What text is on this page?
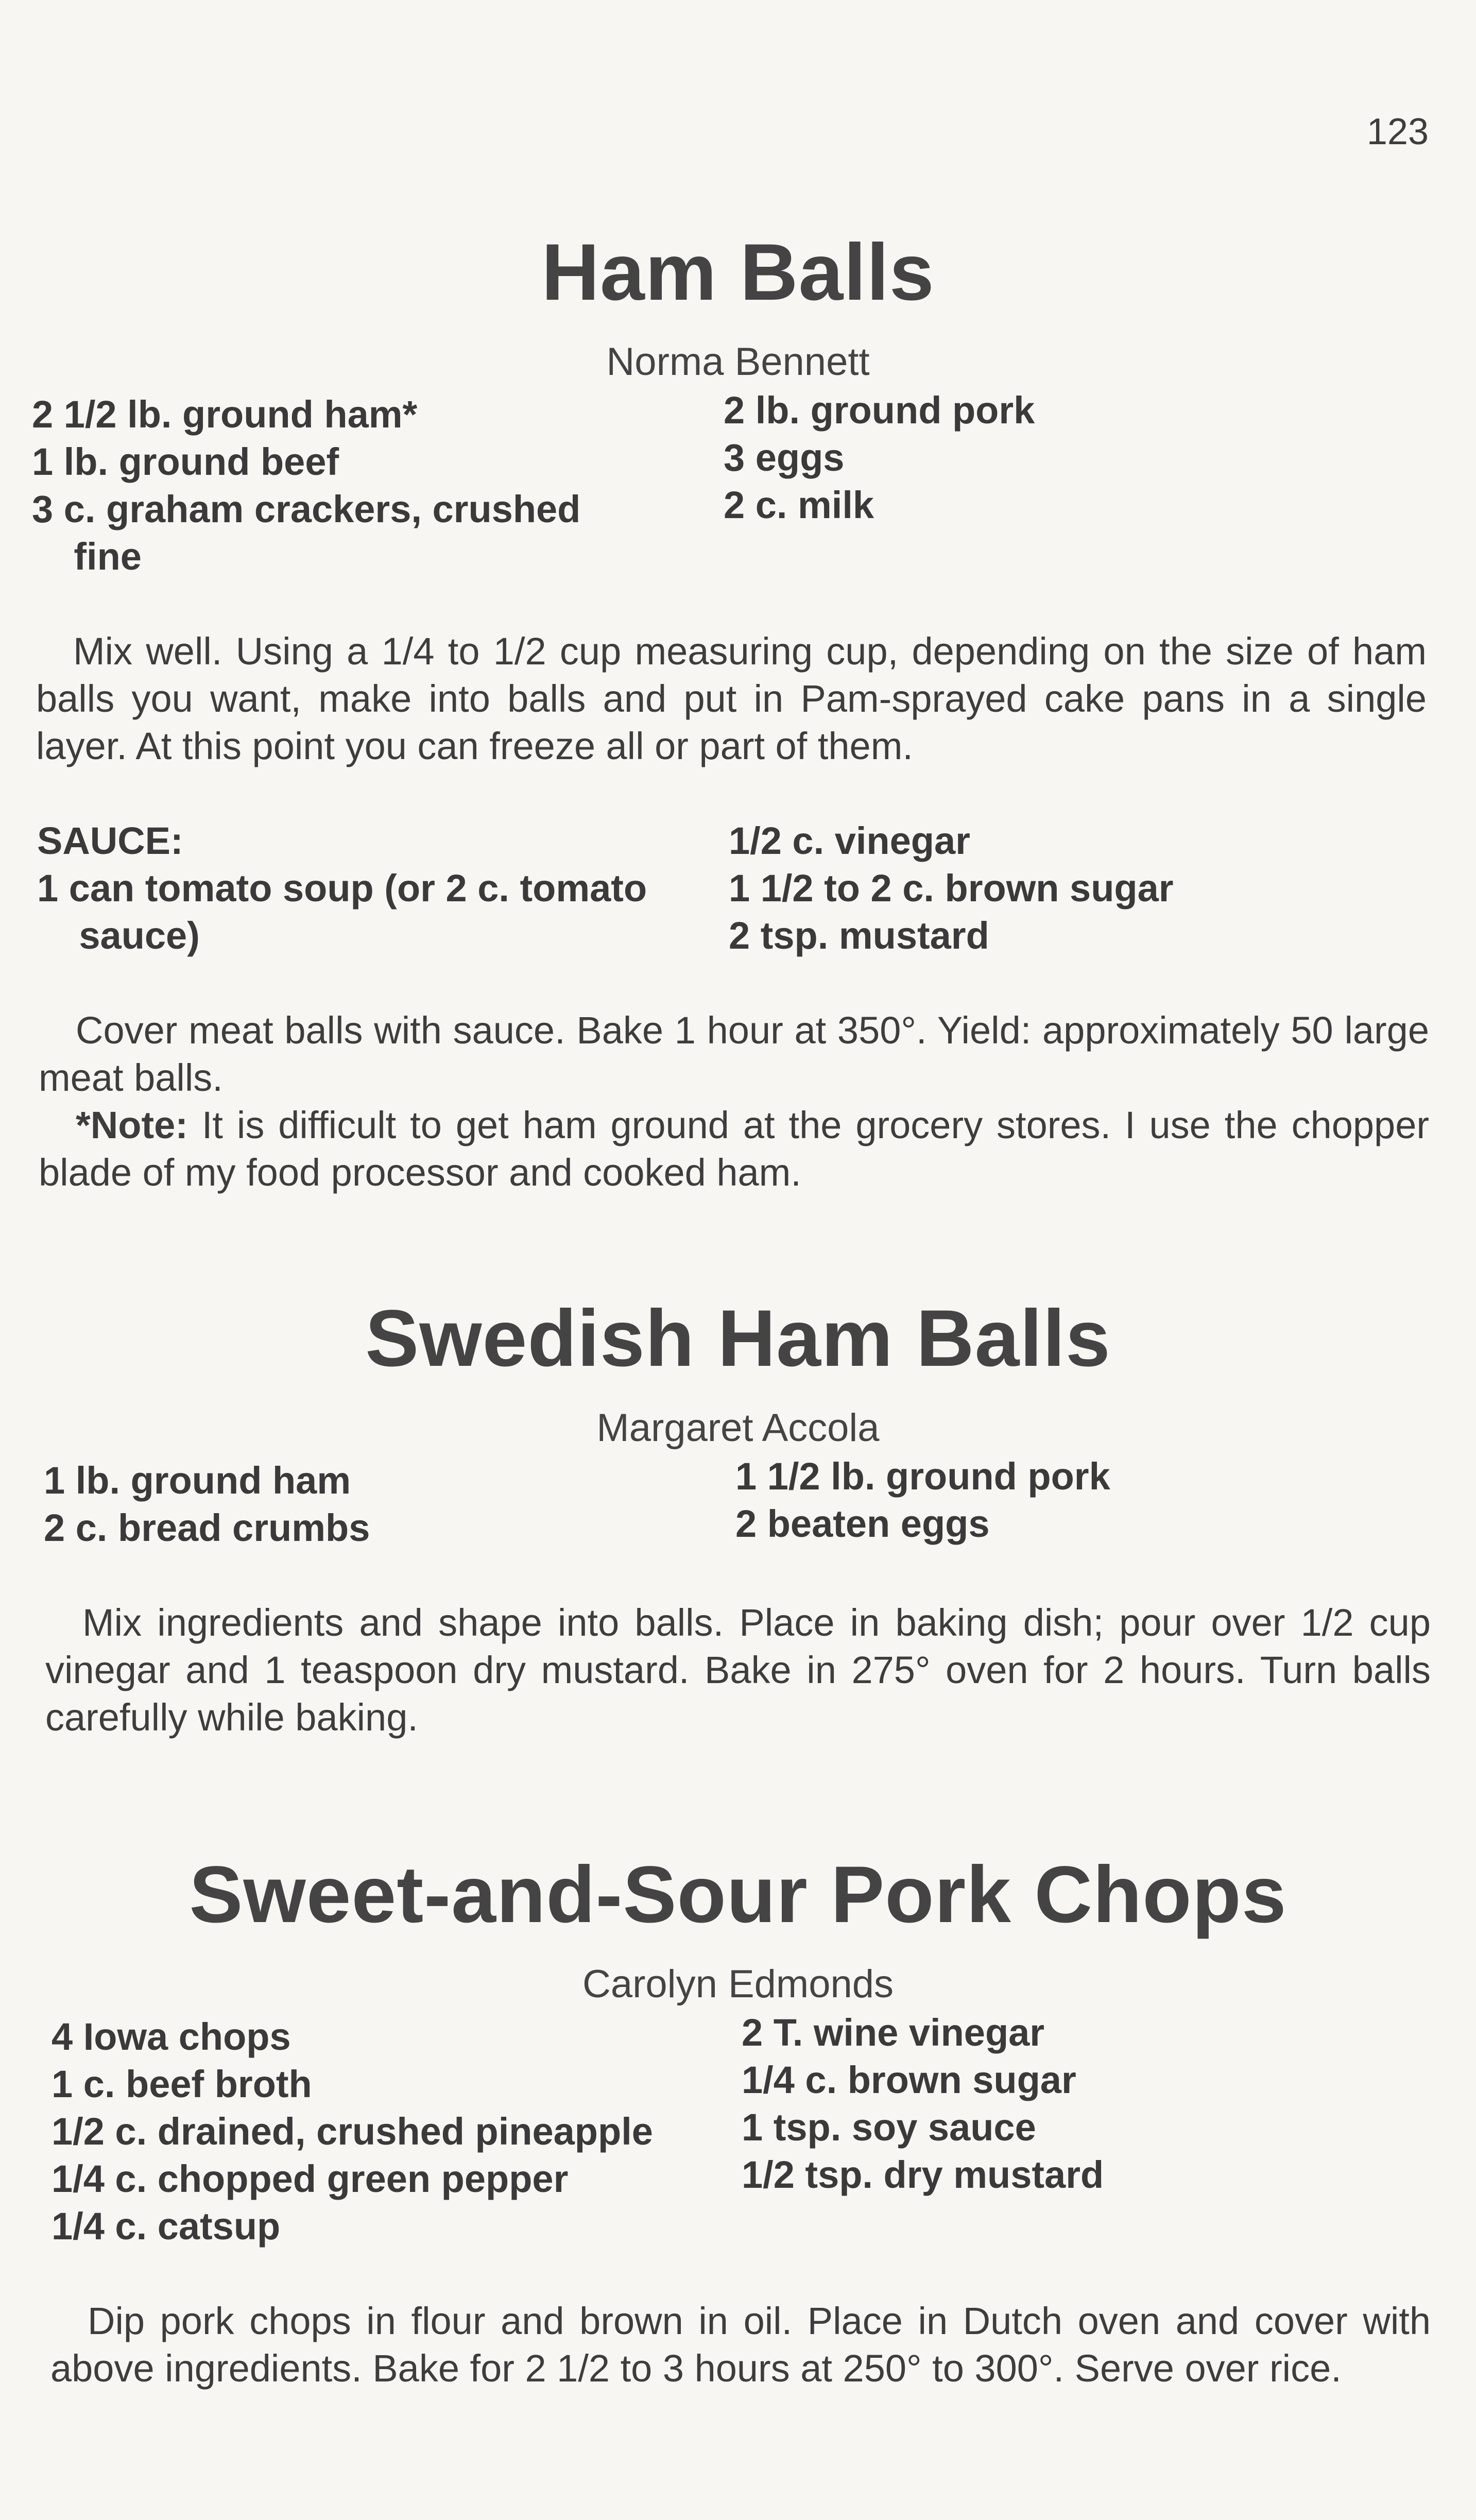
123
Ham Balls
Norma Bennett
2 1/2 lb. ground ham*
1 lb. ground beef
3 c. graham crackers, crushed fine
2 lb. ground pork
3 eggs
2 c. milk

Mix well. Using a 1/4 to 1/2 cup measuring cup, depending on the size of ham balls you want, make into balls and put in Pam-sprayed cake pans in a single layer. At this point you can freeze all or part of them.

SAUCE:
1 can tomato soup (or 2 c. tomato sauce)
1/2 c. vinegar
1 1/2 to 2 c. brown sugar
2 tsp. mustard

Cover meat balls with sauce. Bake 1 hour at 350°. Yield: approximately 50 large meat balls.

*Note: It is difficult to get ham ground at the grocery stores. I use the chopper blade of my food processor and cooked ham.

Swedish Ham Balls
Margaret Accola
1 lb. ground ham
2 c. bread crumbs
1 1/2 lb. ground pork
2 beaten eggs

Mix ingredients and shape into balls. Place in baking dish; pour over 1/2 cup vinegar and 1 teaspoon dry mustard. Bake in 275° oven for 2 hours. Turn balls carefully while baking.

Sweet-and-Sour Pork Chops
Carolyn Edmonds
4 Iowa chops
1 c. beef broth
1/2 c. drained, crushed pineapple
1/4 c. chopped green pepper
1/4 c. catsup
2 T. wine vinegar
1/4 c. brown sugar
1 tsp. soy sauce
1/2 tsp. dry mustard

Dip pork chops in flour and brown in oil. Place in Dutch oven and cover with above ingredients. Bake for 2 1/2 to 3 hours at 250° to 300°. Serve over rice.
